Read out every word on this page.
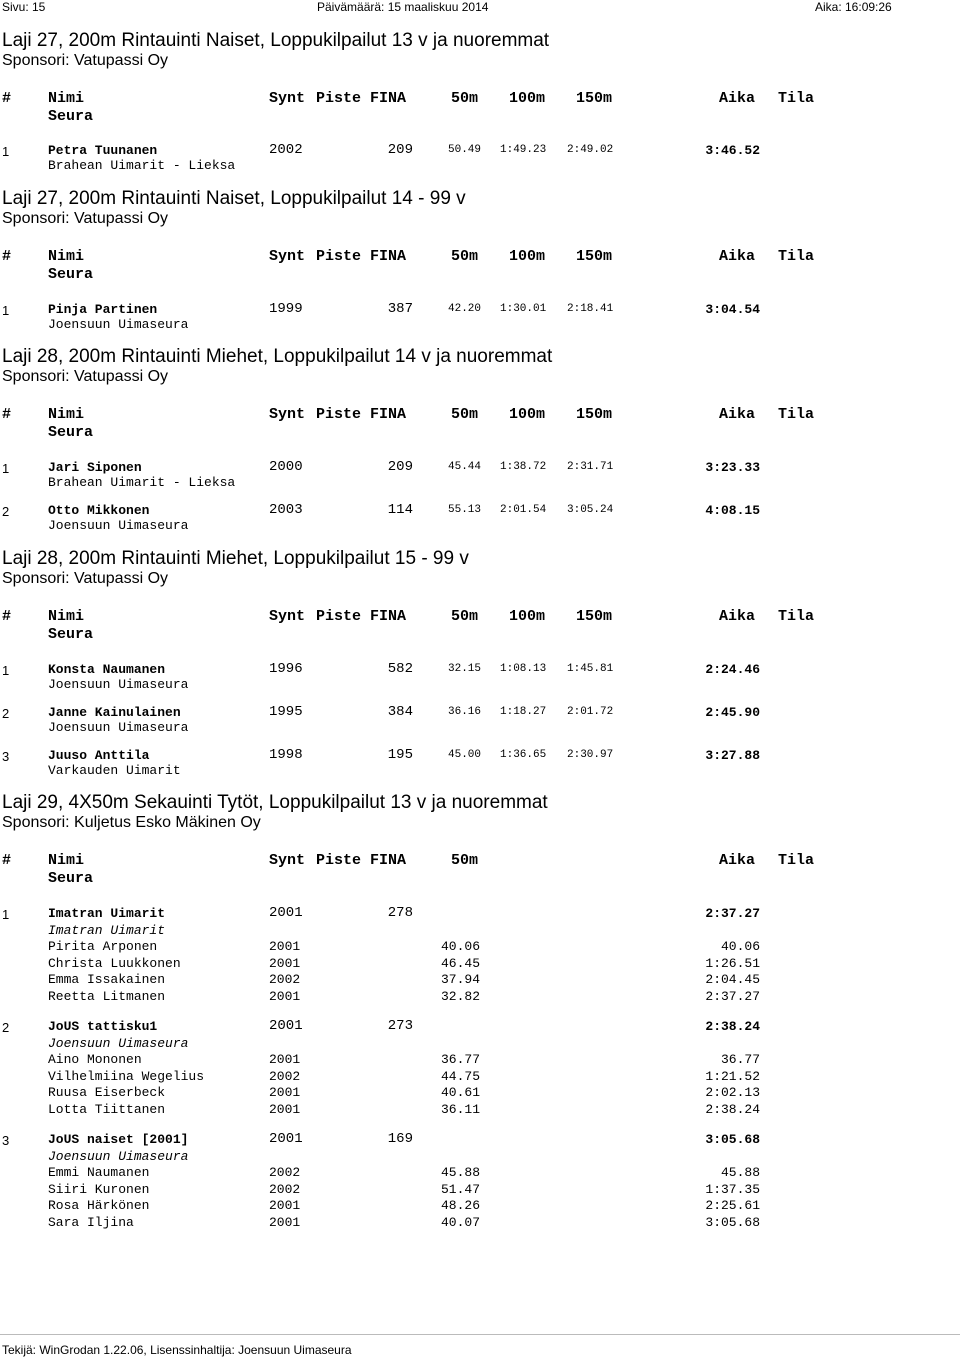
Sivu: 15	Päivämäärä: 15 maaliskuu 2014	Aika: 16:09:26
Laji 27, 200m Rintauinti Naiset, Loppukilpailut 13 v ja nuoremmat
Sponsori: Vatupassi Oy
# Nimi	Synt Piste FINA	50m 100m 150m	Aika Tila
Seura
1	Petra Tuunanen	2002	209	50.49 1:49.23 2:49.02	3:46.52
Brahean Uimarit - Lieksa
Laji 27, 200m Rintauinti Naiset, Loppukilpailut 14 - 99 v
Sponsori: Vatupassi Oy
# Nimi	Synt Piste FINA	50m 100m 150m	Aika Tila
Seura
1	Pinja Partinen	1999	387	42.20 1:30.01 2:18.41	3:04.54
Joensuun Uimaseura
Laji 28, 200m Rintauinti Miehet, Loppukilpailut 14 v ja nuoremmat
Sponsori: Vatupassi Oy
# Nimi	Synt Piste FINA	50m 100m 150m	Aika Tila
Seura
1	Jari Siponen	2000	209	45.44 1:38.72 2:31.71	3:23.33
Brahean Uimarit - Lieksa
2	Otto Mikkonen	2003	114	55.13 2:01.54 3:05.24	4:08.15
Joensuun Uimaseura
Laji 28, 200m Rintauinti Miehet, Loppukilpailut 15 - 99 v
Sponsori: Vatupassi Oy
# Nimi	Synt Piste FINA	50m 100m 150m	Aika Tila
Seura
1	Konsta Naumanen	1996	582	32.15 1:08.13 1:45.81	2:24.46
Joensuun Uimaseura
2	Janne Kainulainen	1995	384	36.16 1:18.27 2:01.72	2:45.90
Joensuun Uimaseura
3	Juuso Anttila	1998	195	45.00 1:36.65 2:30.97	3:27.88
Varkauden Uimarit
Laji 29, 4X50m Sekauinti Tytöt, Loppukilpailut 13 v ja nuoremmat
Sponsori: Kuljetus Esko Mäkinen Oy
# Nimi	Synt Piste FINA	50m	Aika Tila
Seura
1	Imatran Uimarit	2001	278	2:37.27
Imatran Uimarit
Pirita Arponen	2001	40.06	40.06
Christa Luukkonen	2001	46.45	1:26.51
Emma Issakainen	2002	37.94	2:04.45
Reetta Litmanen	2001	32.82	2:37.27
2	JoUS tattisku1	2001	273	2:38.24
Joensuun Uimaseura
Aino Mononen	2001	36.77	36.77
Vilhelmiina Wegelius	2002	44.75	1:21.52
Ruusa Eiserbeck	2001	40.61	2:02.13
Lotta Tiittanen	2001	36.11	2:38.24
3	JoUS naiset [2001]	2001	169	3:05.68
Joensuun Uimaseura
Emmi Naumanen	2002	45.88	45.88
Siiri Kuronen	2002	51.47	1:37.35
Rosa Härkönen	2001	48.26	2:25.61
Sara Iljina	2001	40.07	3:05.68
Tekijä: WinGrodan 1.22.06, Lisenssinhaltija: Joensuun Uimaseura
